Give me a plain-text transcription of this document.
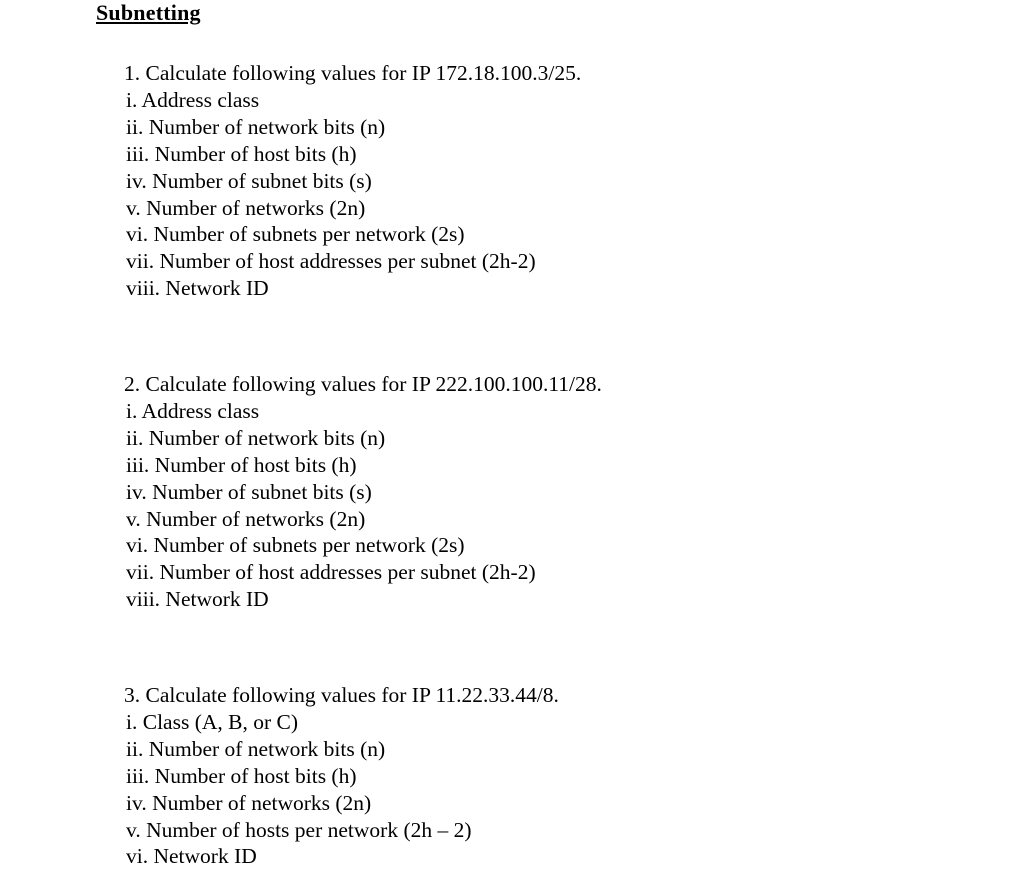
Subnetting
1. Calculate following values for IP 172.18.100.3/25.
i. Address class
ii. Number of network bits (n)
iii. Number of host bits (h)
iv. Number of subnet bits (s)
v. Number of networks (2n)
vi. Number of subnets per network (2s)
vii. Number of host addresses per subnet (2h-2)
viii. Network ID
2. Calculate following values for IP 222.100.100.11/28.
i. Address class
ii. Number of network bits (n)
iii. Number of host bits (h)
iv. Number of subnet bits (s)
v. Number of networks (2n)
vi. Number of subnets per network (2s)
vii. Number of host addresses per subnet (2h-2)
viii. Network ID
3. Calculate following values for IP 11.22.33.44/8.
i. Class (A, B, or C)
ii. Number of network bits (n)
iii. Number of host bits (h)
iv. Number of networks (2n)
v. Number of hosts per network (2h – 2)
vi. Network ID
